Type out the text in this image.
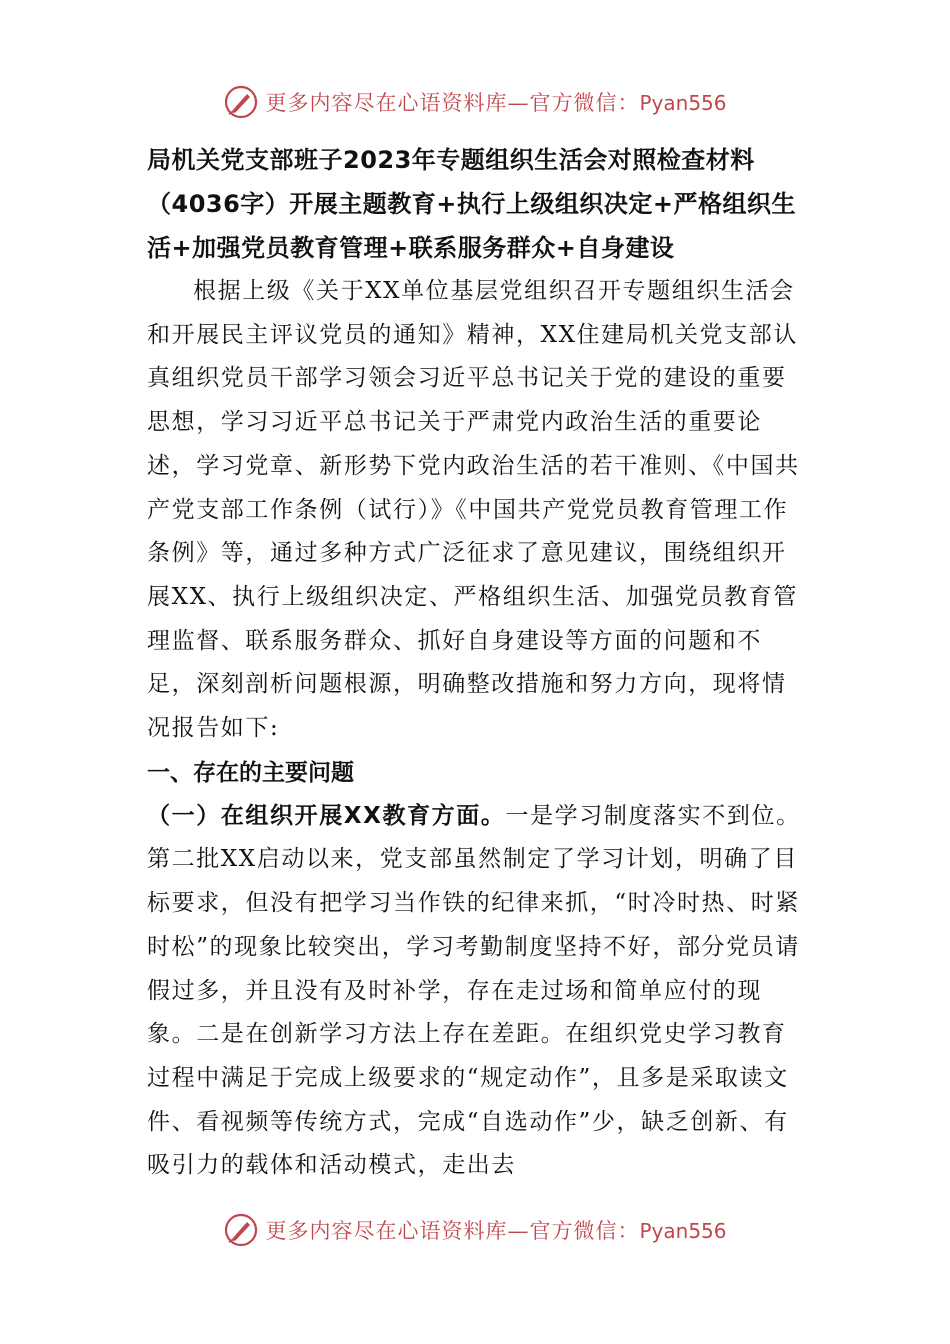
更多内容尽在心语资料库—官方微信：Pyan556

局机关党支部班子2023年专题组织生活会对照检查材料（4036字）开展主题教育+执行上级组织决定+严格组织生活+加强党员教育管理+联系服务群众+自身建设

根据上级《关于XX单位基层党组织召开专题组织生活会和开展民主评议党员的通知》精神，XX住建局机关党支部认真组织党员干部学习领会习近平总书记关于党的建设的重要思想，学习习近平总书记关于严肃党内政治生活的重要论述，学习党章、新形势下党内政治生活的若干准则、《中国共产党支部工作条例（试行）》《中国共产党党员教育管理工作条例》等，通过多种方式广泛征求了意见建议，围绕组织开展XX、执行上级组织决定、严格组织生活、加强党员教育管理监督、联系服务群众、抓好自身建设等方面的问题和不足，深刻剖析问题根源，明确整改措施和努力方向，现将情况报告如下:

一、存在的主要问题

（一）在组织开展XX教育方面。一是学习制度落实不到位。第二批XX启动以来，党支部虽然制定了学习计划，明确了目标要求，但没有把学习当作铁的纪律来抓，“时冷时热、时紧时松”的现象比较突出，学习考勤制度坚持不好，部分党员请假过多，并且没有及时补学，存在走过场和简单应付的现象。二是在创新学习方法上存在差距。在组织党史学习教育过程中满足于完成上级要求的“规定动作”，且多是采取读文件、看视频等传统方式，完成“自选动作”少，缺乏创新、有吸引力的载体和活动模式，走出去

更多内容尽在心语资料库—官方微信：Pyan556
